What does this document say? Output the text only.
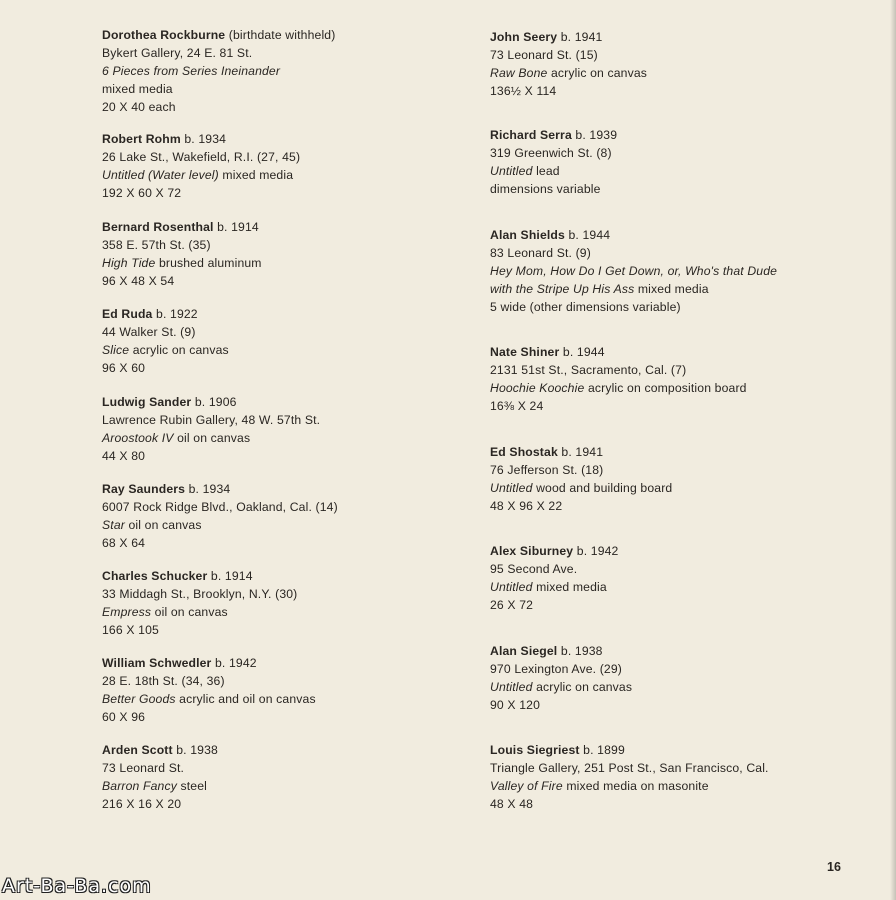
Dorothea Rockburne (birthdate withheld)
Bykert Gallery, 24 E. 81 St.
6 Pieces from Series Ineinander
mixed media
20 X 40 each
Robert Rohm b. 1934
26 Lake St., Wakefield, R.I. (27, 45)
Untitled (Water level) mixed media
192 X 60 X 72
Bernard Rosenthal b. 1914
358 E. 57th St. (35)
High Tide brushed aluminum
96 X 48 X 54
Ed Ruda b. 1922
44 Walker St. (9)
Slice acrylic on canvas
96 X 60
Ludwig Sander b. 1906
Lawrence Rubin Gallery, 48 W. 57th St.
Aroostook IV oil on canvas
44 X 80
Ray Saunders b. 1934
6007 Rock Ridge Blvd., Oakland, Cal. (14)
Star oil on canvas
68 X 64
Charles Schucker b. 1914
33 Middagh St., Brooklyn, N.Y. (30)
Empress oil on canvas
166 X 105
William Schwedler b. 1942
28 E. 18th St. (34, 36)
Better Goods acrylic and oil on canvas
60 X 96
Arden Scott b. 1938
73 Leonard St.
Barron Fancy steel
216 X 16 X 20
John Seery b. 1941
73 Leonard St. (15)
Raw Bone acrylic on canvas
136½ X 114
Richard Serra b. 1939
319 Greenwich St. (8)
Untitled lead
dimensions variable
Alan Shields b. 1944
83 Leonard St. (9)
Hey Mom, How Do I Get Down, or, Who's that Dude
with the Stripe Up His Ass mixed media
5 wide (other dimensions variable)
Nate Shiner b. 1944
2131 51st St., Sacramento, Cal. (7)
Hoochie Koochie acrylic on composition board
16⅜ X 24
Ed Shostak b. 1941
76 Jefferson St. (18)
Untitled wood and building board
48 X 96 X 22
Alex Siburney b. 1942
95 Second Ave.
Untitled mixed media
26 X 72
Alan Siegel b. 1938
970 Lexington Ave. (29)
Untitled acrylic on canvas
90 X 120
Louis Siegriest b. 1899
Triangle Gallery, 251 Post St., San Francisco, Cal.
Valley of Fire mixed media on masonite
48 X 48
16
Art-Ba-Ba.com
